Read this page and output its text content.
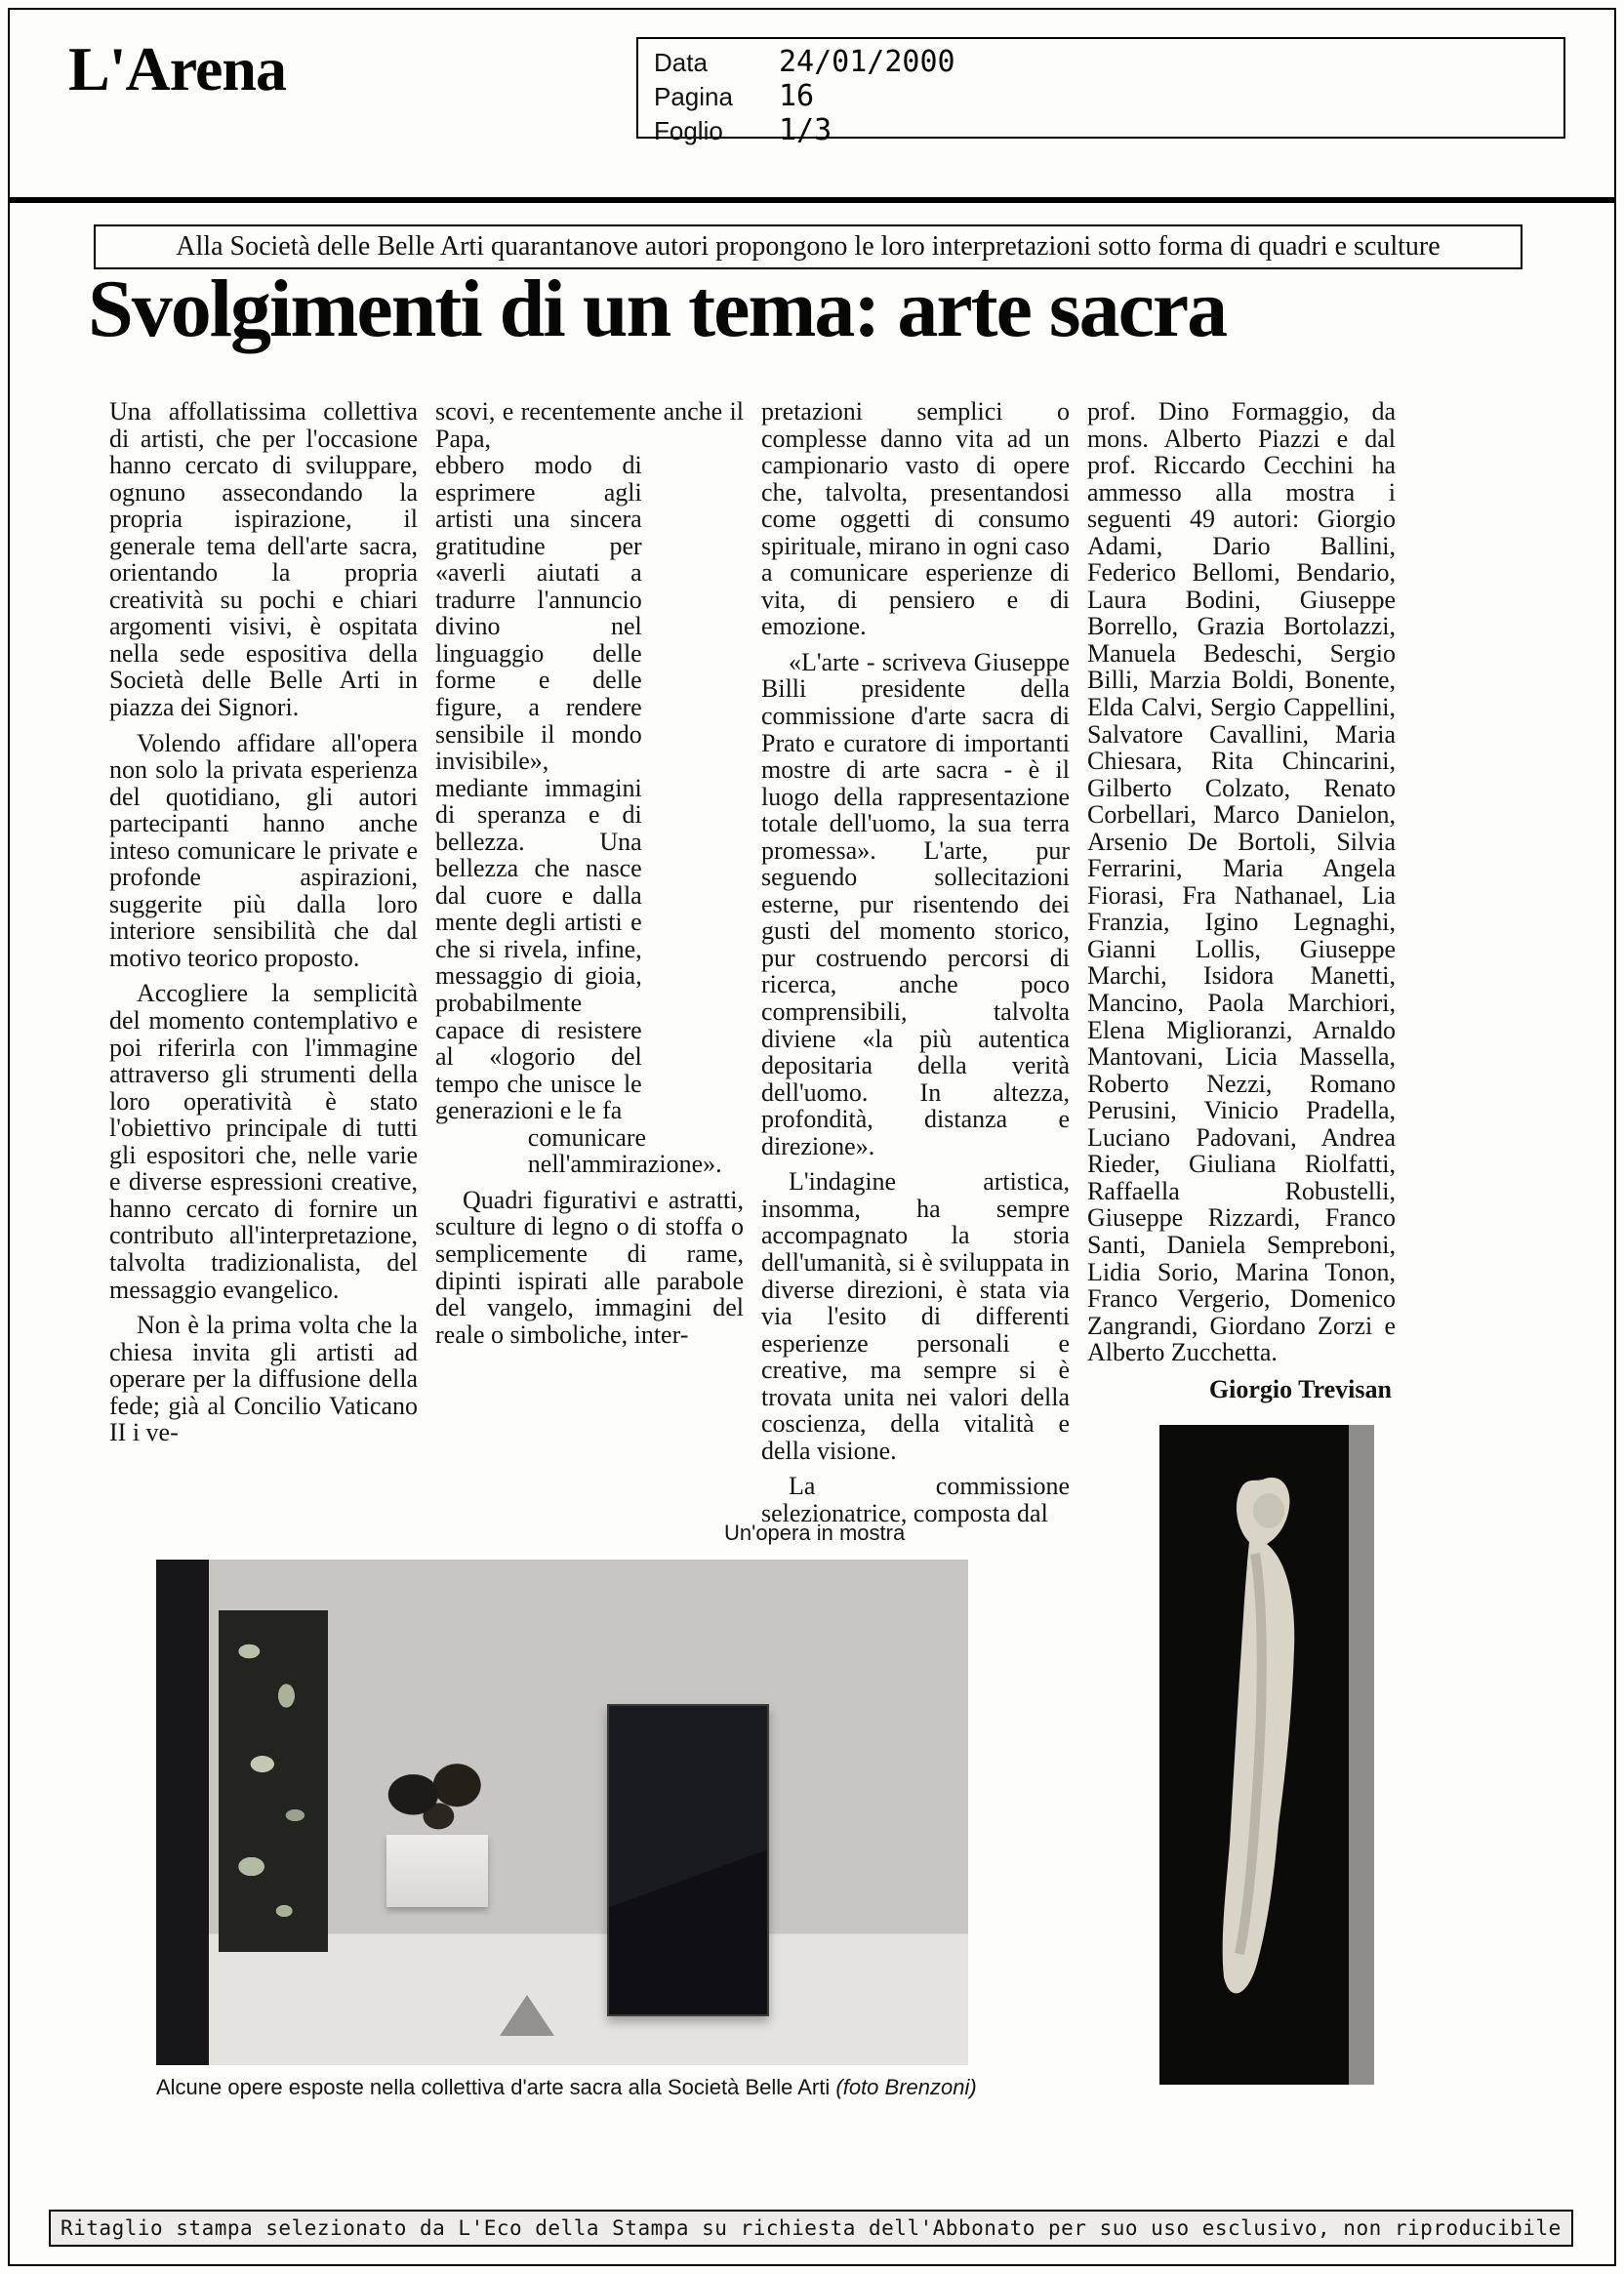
L'Arena	Data	24/01/2000
Pagina	16
Foglio	1/3
Alla Società delle Belle Arti quarantanove autori propongono le loro interpretazioni sotto forma di quadri e sculture
Svolgimenti di un tema: arte sacra

Una affollatissima collettiva di artisti, che per l'occasione hanno cercato di sviluppare, ognuno assecondando la propria ispirazione, il generale tema dell'arte sacra, orientando la propria creatività su pochi e chiari argomenti visivi, è ospitata nella sede espositiva della Società delle Belle Arti in piazza dei Signori.

Volendo affidare all'opera non solo la privata esperienza del quotidiano, gli autori partecipanti hanno anche inteso comunicare le private e profonde aspirazioni, suggerite più dalla loro interiore sensibilità che dal motivo teorico proposto.

Accogliere la semplicità del momento contemplativo e poi riferirla con l'immagine attraverso gli strumenti della loro operatività è stato l'obiettivo principale di tutti gli espositori che, nelle varie e diverse espressioni creative, hanno cercato di fornire un contributo all'interpretazione, talvolta tradizionalista, del messaggio evangelico.

Non è la prima volta che la chiesa invita gli artisti ad operare per la diffusione della fede; già al Concilio Vaticano II i ve-

scovi, e recentemente anche il Papa,

ebbero modo di esprimere agli artisti una sincera gratitudine per «averli aiutati a tradurre l'annuncio divino nel linguaggio delle forme e delle figure, a rendere sensibile il mondo invisibile», mediante immagini di speranza e di bellezza. Una bellezza che nasce dal cuore e dalla mente degli artisti e che si rivela, infine, messaggio di gioia, probabilmente capace di resistere al «logorio del tempo che unisce le generazioni e le fa
comunicare nell'ammirazione».

Quadri figurativi e astratti, sculture di legno o di stoffa o semplicemente di rame, dipinti ispirati alle parabole del vangelo, immagini del reale o simboliche, inter-

pretazioni semplici o complesse danno vita ad un campionario vasto di opere che, talvolta, presentandosi come oggetti di consumo spirituale, mirano in ogni caso a comunicare esperienze di vita, di pensiero e di emozione.

«L'arte - scriveva Giuseppe Billi presidente della commissione d'arte sacra di Prato e curatore di importanti mostre di arte sacra - è il luogo della rappresentazione totale dell'uomo, la sua terra promessa». L'arte, pur seguendo sollecitazioni esterne, pur risentendo dei gusti del momento storico, pur costruendo percorsi di ricerca, anche poco comprensibili, talvolta diviene «la più autentica depositaria della verità dell'uomo. In altezza, profondità, distanza e direzione».

L'indagine artistica, insomma, ha sempre accompagnato la storia dell'umanità, si è sviluppata in diverse direzioni, è stata via via l'esito di differenti esperienze personali e creative, ma sempre si è trovata unita nei valori della coscienza, della vitalità e della visione.

La commissione selezionatrice, composta dal

prof. Dino Formaggio, da mons. Alberto Piazzi e dal prof. Riccardo Cecchini ha ammesso alla mostra i seguenti 49 autori: Giorgio Adami, Dario Ballini, Federico Bellomi, Bendario, Laura Bodini, Giuseppe Borrello, Grazia Bortolazzi, Manuela Bedeschi, Sergio Billi, Marzia Boldi, Bonente, Elda Calvi, Sergio Cappellini, Salvatore Cavallini, Maria Chiesara, Rita Chincarini, Gilberto Colzato, Renato Corbellari, Marco Danielon, Arsenio De Bortoli, Silvia Ferrarini, Maria Angela Fiorasi, Fra Nathanael, Lia Franzia, Igino Legnaghi, Gianni Lollis, Giuseppe Marchi, Isidora Manetti, Mancino, Paola Marchiori, Elena Miglioranzi, Arnaldo Mantovani, Licia Massella, Roberto Nezzi, Romano Perusini, Vinicio Pradella, Luciano Padovani, Andrea Rieder, Giuliana Riolfatti, Raffaella Robustelli, Giuseppe Rizzardi, Franco Santi, Daniela Sempreboni, Lidia Sorio, Marina Tonon, Franco Vergerio, Domenico Zangrandi, Giordano Zorzi e Alberto Zucchetta.

Giorgio Trevisan

Un'opera in mostra
Alcune opere esposte nella collettiva d'arte sacra alla Società Belle Arti (foto Brenzoni)
Ritaglio stampa selezionato da L'Eco della Stampa su richiesta dell'Abbonato per suo uso esclusivo, non riproducibile
